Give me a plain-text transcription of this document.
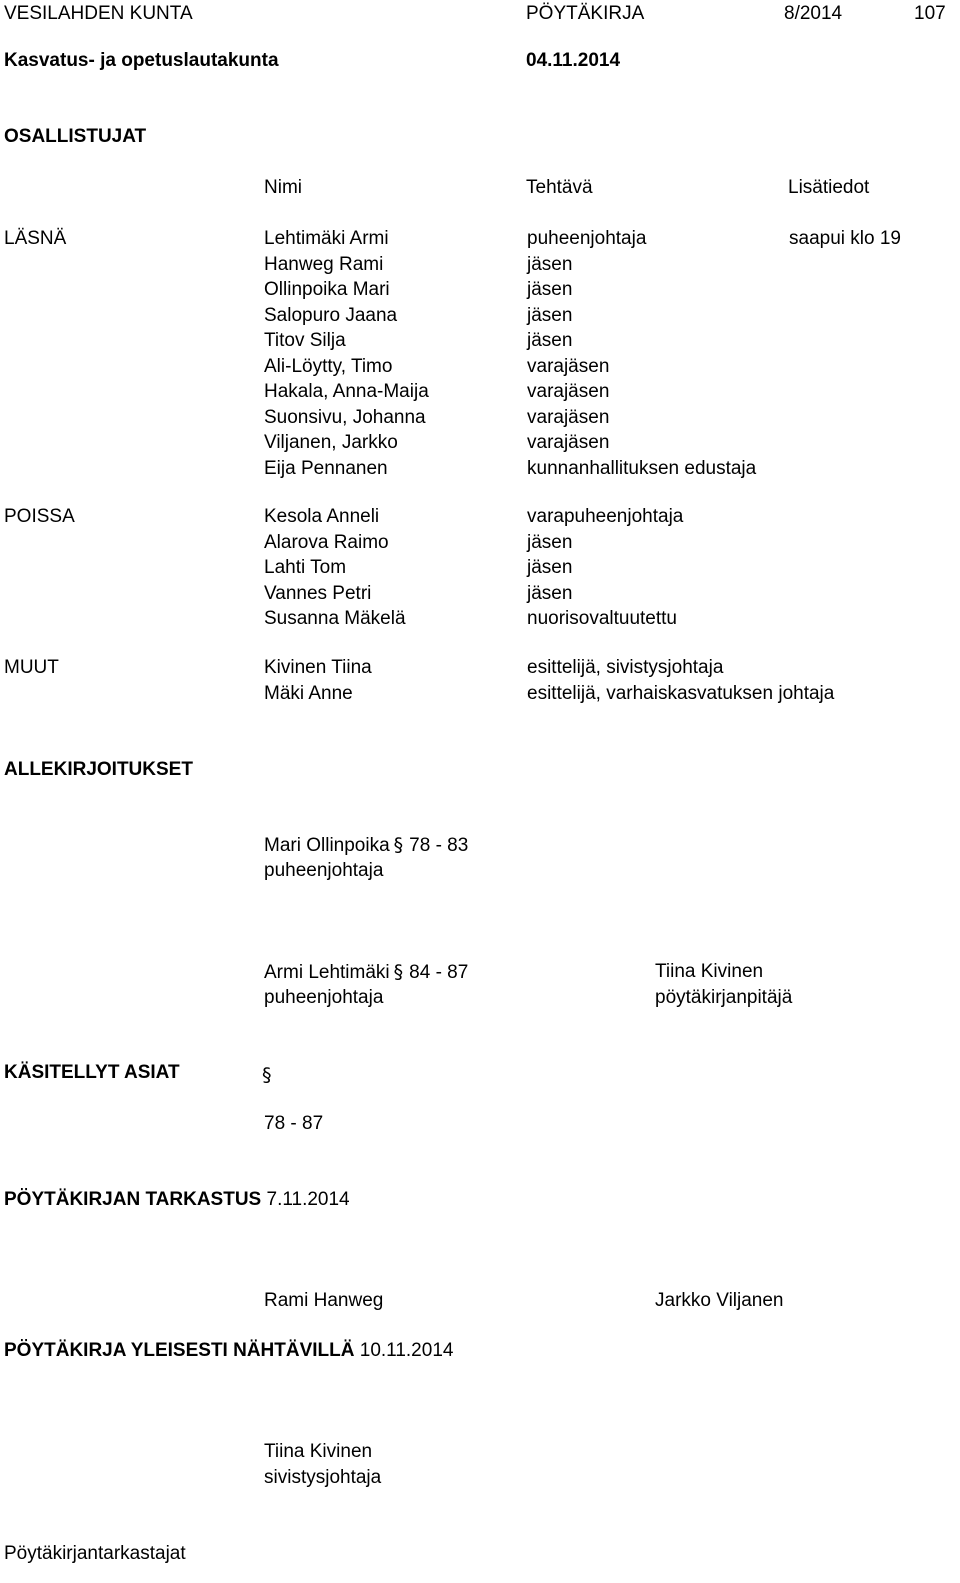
VESILAHDEN KUNTA	PÖYTÄKIRJA	8/2014	107
Kasvatus- ja opetuslautakunta	04.11.2014
OSALLISTUJAT
Nimi	Tehtävä	Lisätiedot
LÄSNÄ	Lehtimäki Armi	puheenjohtaja	saapui klo 19
Hanweg Rami	jäsen
Ollinpoika Mari	jäsen
Salopuro Jaana	jäsen
Titov Silja	jäsen
Ali-Löytty, Timo	varajäsen
Hakala, Anna-Maija	varajäsen
Suonsivu, Johanna	varajäsen
Viljanen, Jarkko	varajäsen
Eija Pennanen	kunnanhallituksen edustaja
POISSA	Kesola Anneli	varapuheenjohtaja
Alarova Raimo	jäsen
Lahti Tom	jäsen
Vannes Petri	jäsen
Susanna Mäkelä	nuorisovaltuutettu
MUUT	Kivinen Tiina	esittelijä, sivistysjohtaja
Mäki Anne	esittelijä, varhaiskasvatuksen johtaja
ALLEKIRJOITUKSET
Mari Ollinpoika § 78 - 83
puheenjohtaja
Armi Lehtimäki § 84 - 87
puheenjohtaja
Tiina Kivinen
pöytäkirjanpitäjä
KÄSITELLYT ASIAT	§
78 - 87
PÖYTÄKIRJAN TARKASTUS 7.11.2014
Rami Hanweg	Jarkko Viljanen
PÖYTÄKIRJA YLEISESTI NÄHTÄVILLÄ 10.11.2014
Tiina Kivinen
sivistysjohtaja
Pöytäkirjantarkastajat
